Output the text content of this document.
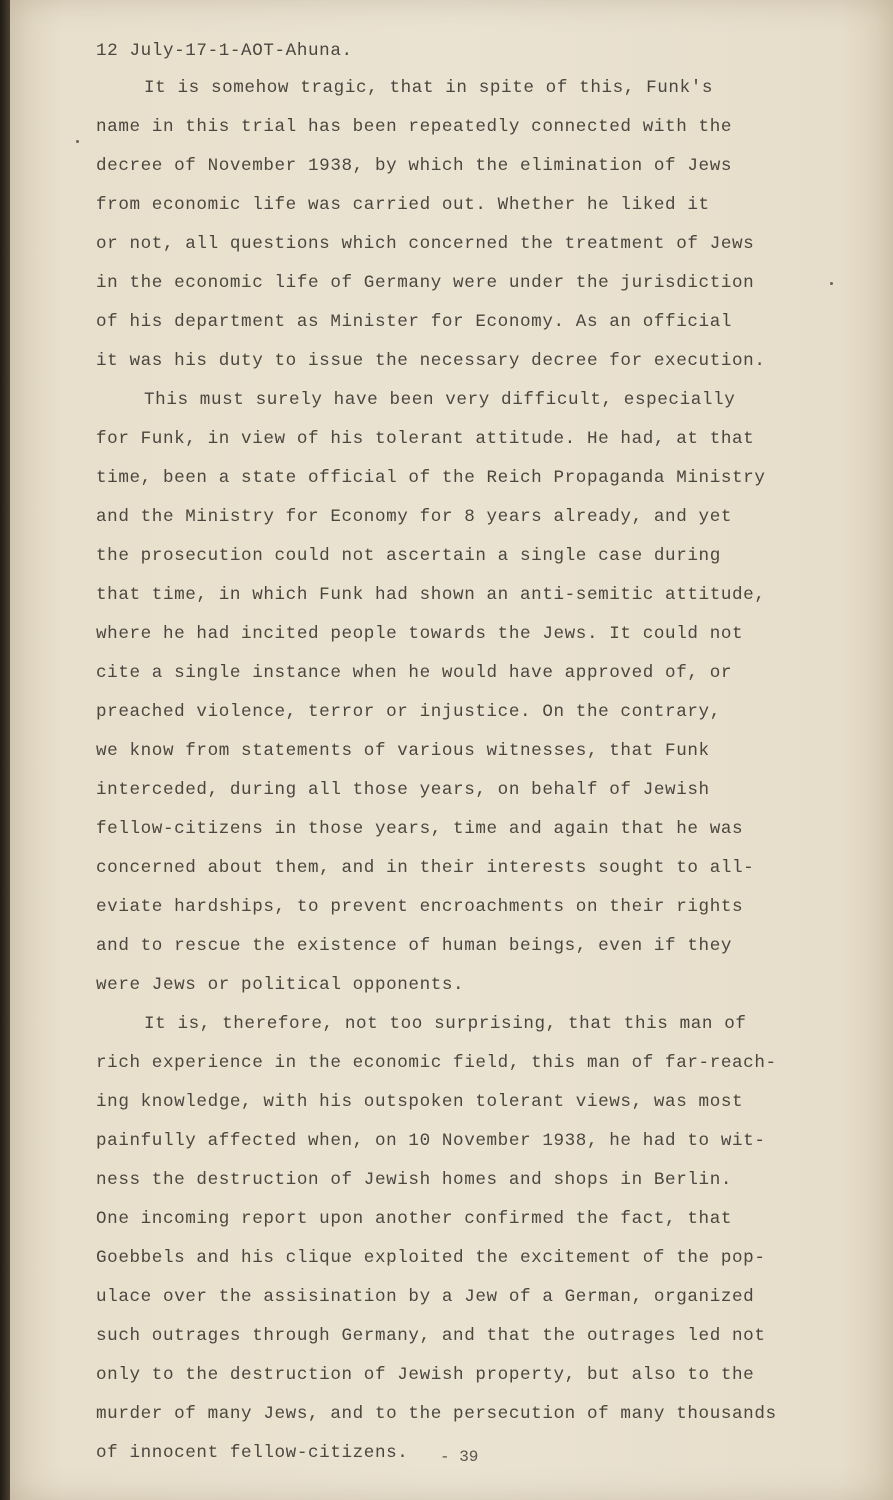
12 July-17-1-AOT-Ahuna.
It is somehow tragic, that in spite of this, Funk's
name in this trial has been repeatedly connected with the
decree of November 1938, by which the elimination of Jews
from economic life was carried out. Whether he liked it
or not, all questions which concerned the treatment of Jews
in the economic life of Germany were under the jurisdiction
of his department as Minister for Economy. As an official
it was his duty to issue the necessary decree for execution.
This must surely have been very difficult, especially
for Funk, in view of his tolerant attitude. He had, at that
time, been a state official of the Reich Propaganda Ministry
and the Ministry for Economy for 8 years already, and yet
the prosecution could not ascertain a single case during
that time, in which Funk had shown an anti-semitic attitude,
where he had incited people towards the Jews. It could not
cite a single instance when he would have approved of, or
preached violence, terror or injustice. On the contrary,
we know from statements of various witnesses, that Funk
interceded, during all those years, on behalf of Jewish
fellow-citizens in those years, time and again that he was
concerned about them, and in their interests sought to all-
eviate hardships, to prevent encroachments on their rights
and to rescue the existence of human beings, even if they
were Jews or political opponents.
It is, therefore, not too surprising, that this man of
rich experience in the economic field, this man of far-reach-
ing knowledge, with his outspoken tolerant views, was most
painfully affected when, on 10 November 1938, he had to wit-
ness the destruction of Jewish homes and shops in Berlin.
One incoming report upon another confirmed the fact, that
Goebbels and his clique exploited the excitement of the pop-
ulace over the assisination by a Jew of a German, organized
such outrages through Germany, and that the outrages led not
only to the destruction of Jewish property, but also to the
murder of many Jews, and to the persecution of many thousands
of innocent fellow-citizens.	- 39
